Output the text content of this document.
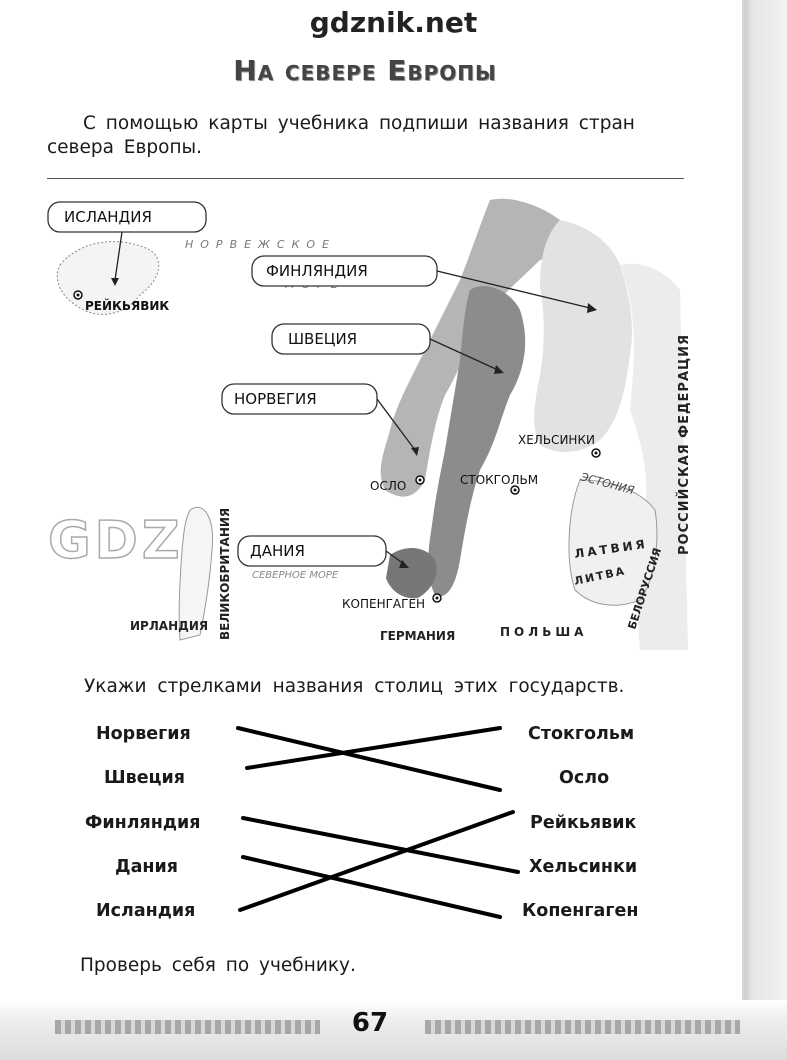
gdznik.net
На севере Европы
С помощью карты учебника подпиши названия стран севера Европы.
РЕЙКЬЯВИК
ХЕЛЬСИНКИ
ОСЛО	СТОКГОЛЬМ
КОПЕНГАГЕН
НОРВЕЖСКОЕ
СЕВЕРНОЕ МОРЕ
GDZ
ИРЛАНДИЯ ВЕЛИКОБРИТАНИЯ	ГЕРМАНИЯ	ПОЛЬША
ЭСТОНИЯ
ЛАТВИЯ
ЛИТВА
БЕЛОРУССИЯ
РОССИЙСКАЯ ФЕДЕРАЦИЯ
ИСЛАНДИЯ
ФИНЛЯНДИЯ
ШВЕЦИЯ
НОРВЕГИЯ
ДАНИЯ
Укажи стрелками названия столиц этих государств.
Норвегия
Швеция
Финляндия
Дания
Исландия
Стокгольм
Осло
Рейкьявик
Хельсинки
Копенгаген
Проверь себя по учебнику.
67
